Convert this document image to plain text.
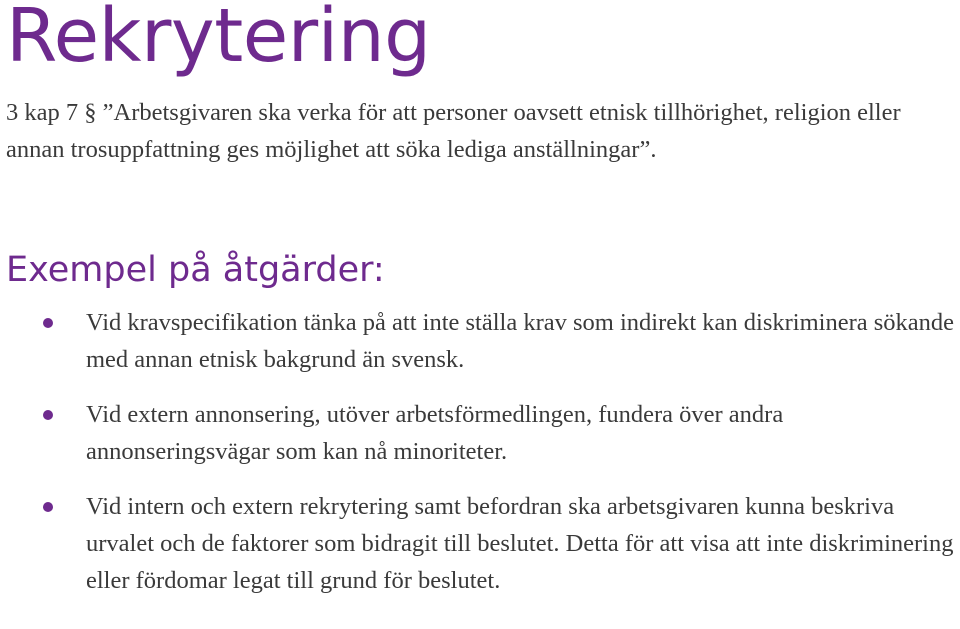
Rekrytering

3 kap 7 § ”Arbetsgivaren ska verka för att personer oavsett etnisk tillhörighet, religion eller annan trosuppfattning ges möjlighet att söka lediga anställningar”.

Exempel på åtgärder:
Vid kravspecifikation tänka på att inte ställa krav som indirekt kan diskriminera sökande med annan etnisk bakgrund än svensk.
Vid extern annonsering, utöver arbetsförmedlingen, fundera över andra annonseringsvägar som kan nå minoriteter.
Vid intern och extern rekrytering samt befordran ska arbetsgivaren kunna beskriva urvalet och de faktorer som bidragit till beslutet. Detta för att visa att inte diskriminering eller fördomar legat till grund för beslutet.
